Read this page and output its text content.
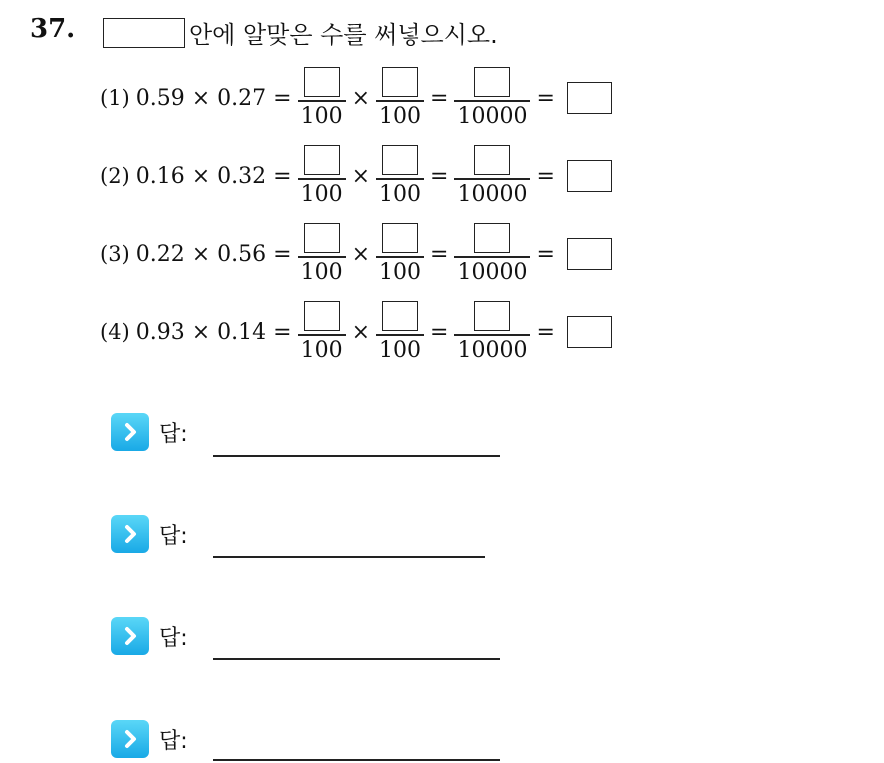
37.	안에 알맞은 수를 써넣으시오.
(1) 0.59 × 0.27 =
100
×
100
=
10000
=
(2) 0.16 × 0.32 =
100
×
100
=
10000
=
(3) 0.22 × 0.56 =
100
×
100
=
10000
=
(4) 0.93 × 0.14 =
100
×
100
=
10000
=
답:
답:
답:
답:
